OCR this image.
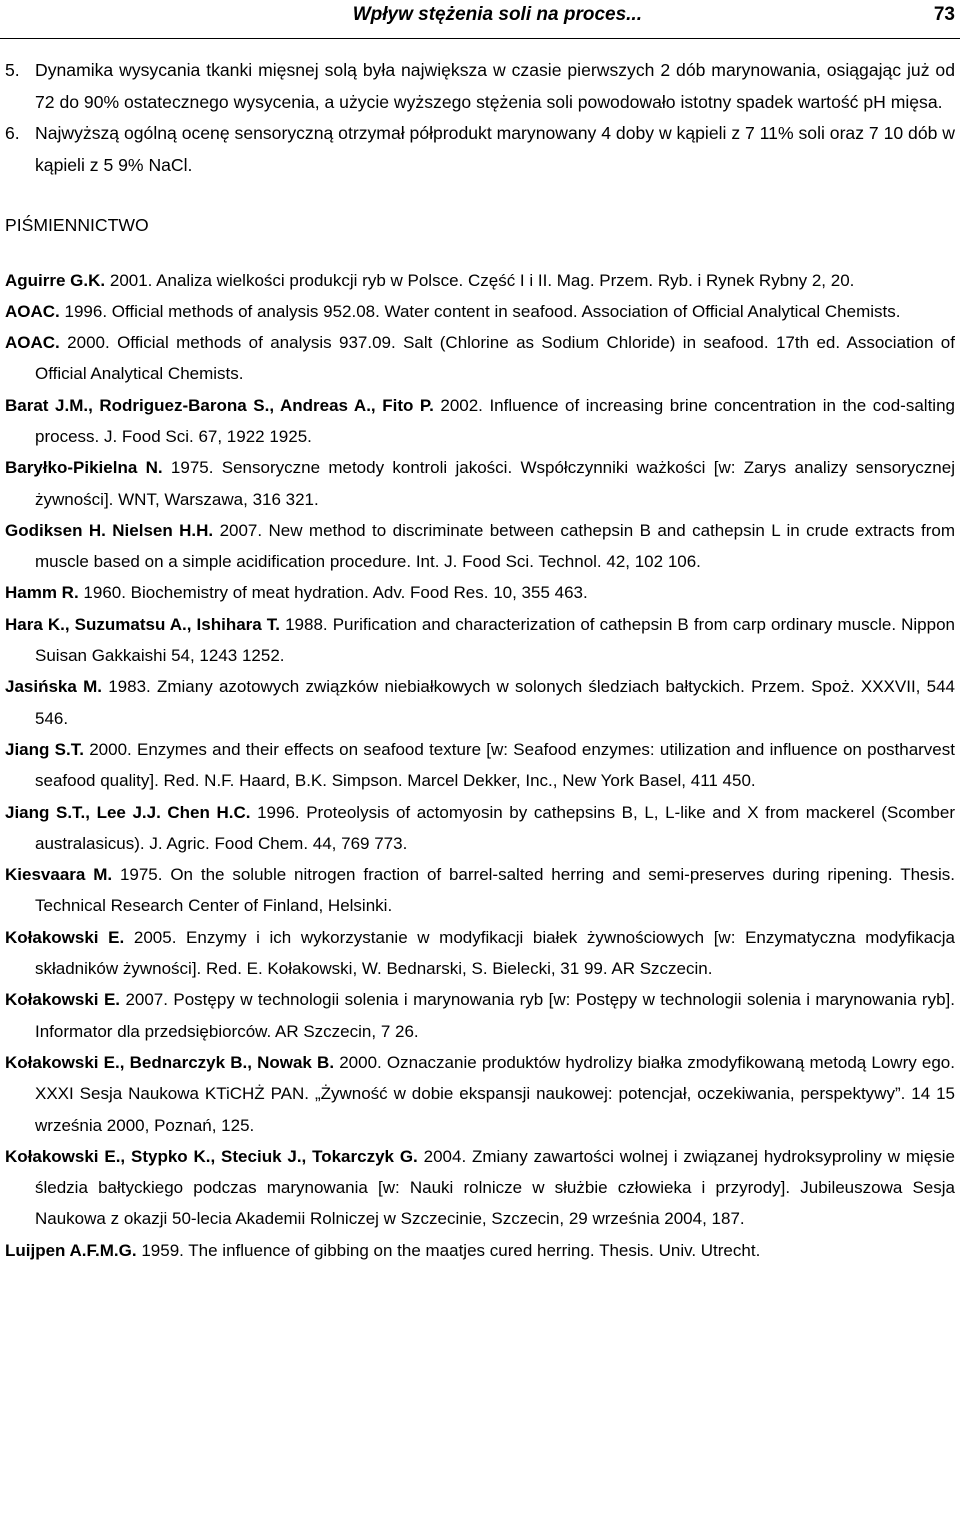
Wpływ stężenia soli na proces...	73
5. Dynamika wysycania tkanki mięsnej solą była największa w czasie pierwszych 2 dób marynowania, osiągając już od 72 do 90% ostatecznego wysycenia, a użycie wyższego stężenia soli powodowało istotny spadek wartość pH mięsa.
6. Najwyższą ogólną ocenę sensoryczną otrzymał półprodukt marynowany 4 doby w kąpieli z 7 11% soli oraz 7 10 dób w kąpieli z 5 9% NaCl.
PIŚMIENNICTWO
Aguirre G.K. 2001. Analiza wielkości produkcji ryb w Polsce. Część I i II. Mag. Przem. Ryb. i Rynek Rybny 2, 20.
AOAC. 1996. Official methods of analysis 952.08. Water content in seafood. Association of Official Analytical Chemists.
AOAC. 2000. Official methods of analysis 937.09. Salt (Chlorine as Sodium Chloride) in seafood. 17th ed. Association of Official Analytical Chemists.
Barat J.M., Rodriguez-Barona S., Andreas A., Fito P. 2002. Influence of increasing brine concentration in the cod-salting process. J. Food Sci. 67, 1922 1925.
Baryłko-Pikielna N. 1975. Sensoryczne metody kontroli jakości. Współczynniki ważkości [w: Zarys analizy sensorycznej żywności]. WNT, Warszawa, 316 321.
Godiksen H. Nielsen H.H. 2007. New method to discriminate between cathepsin B and cathepsin L in crude extracts from muscle based on a simple acidification procedure. Int. J. Food Sci. Technol. 42, 102 106.
Hamm R. 1960. Biochemistry of meat hydration. Adv. Food Res. 10, 355 463.
Hara K., Suzumatsu A., Ishihara T. 1988. Purification and characterization of cathepsin B from carp ordinary muscle. Nippon Suisan Gakkaishi 54, 1243 1252.
Jasińska M. 1983. Zmiany azotowych związków niebiałkowych w solonych śledziach bałtyckich. Przem. Spoż. XXXVII, 544 546.
Jiang S.T. 2000. Enzymes and their effects on seafood texture [w: Seafood enzymes: utilization and influence on postharvest seafood quality]. Red. N.F. Haard, B.K. Simpson. Marcel Dekker, Inc., New York Basel, 411 450.
Jiang S.T., Lee J.J. Chen H.C. 1996. Proteolysis of actomyosin by cathepsins B, L, L-like and X from mackerel (Scomber australasicus). J. Agric. Food Chem. 44, 769 773.
Kiesvaara M. 1975. On the soluble nitrogen fraction of barrel-salted herring and semi-preserves during ripening. Thesis. Technical Research Center of Finland, Helsinki.
Kołakowski E. 2005. Enzymy i ich wykorzystanie w modyfikacji białek żywnościowych [w: Enzymatyczna modyfikacja składników żywności]. Red. E. Kołakowski, W. Bednarski, S. Bielecki, 31 99. AR Szczecin.
Kołakowski E. 2007. Postępy w technologii solenia i marynowania ryb [w: Postępy w technologii solenia i marynowania ryb]. Informator dla przedsiębiorców. AR Szczecin, 7 26.
Kołakowski E., Bednarczyk B., Nowak B. 2000. Oznaczanie produktów hydrolizy białka zmodyfikowaną metodą Lowry ego. XXXI Sesja Naukowa KTiCHŻ PAN. „Żywność w dobie ekspansji naukowej: potencjał, oczekiwania, perspektywy”. 14 15 września 2000, Poznań, 125.
Kołakowski E., Stypko K., Steciuk J., Tokarczyk G. 2004. Zmiany zawartości wolnej i związanej hydroksyproliny w mięsie śledzia bałtyckiego podczas marynowania [w: Nauki rolnicze w służbie człowieka i przyrody]. Jubileuszowa Sesja Naukowa z okazji 50-lecia Akademii Rolniczej w Szczecinie, Szczecin, 29 września 2004, 187.
Luijpen A.F.M.G. 1959. The influence of gibbing on the maatjes cured herring. Thesis. Univ. Utrecht.
